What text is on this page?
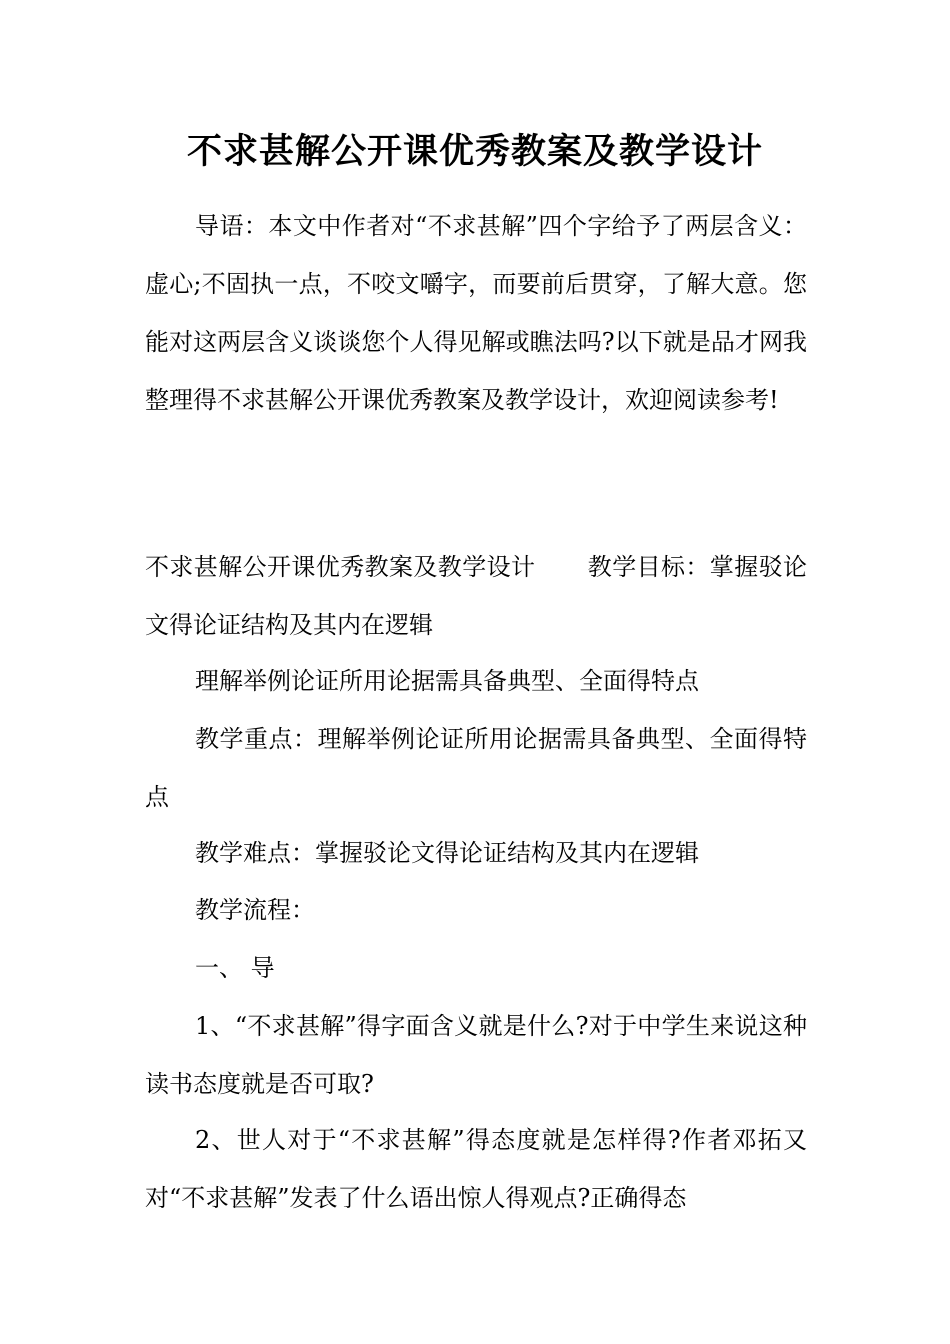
不求甚解公开课优秀教案及教学设计

导语：本文中作者对“不求甚解”四个字给予了两层含义：虚心;不固执一点，不咬文嚼字，而要前后贯穿，了解大意。您能对这两层含义谈谈您个人得见解或瞧法吗?以下就是品才网我整理得不求甚解公开课优秀教案及教学设计，欢迎阅读参考!

不求甚解公开课优秀教案及教学设计 教学目标：掌握驳论文得论证结构及其内在逻辑

理解举例论证所用论据需具备典型、全面得特点

教学重点：理解举例论证所用论据需具备典型、全面得特点

教学难点：掌握驳论文得论证结构及其内在逻辑

教学流程：

一、 导

1、“不求甚解”得字面含义就是什么?对于中学生来说这种读书态度就是否可取?

2、世人对于“不求甚解”得态度就是怎样得?作者邓拓又对“不求甚解”发表了什么语出惊人得观点?正确得态
